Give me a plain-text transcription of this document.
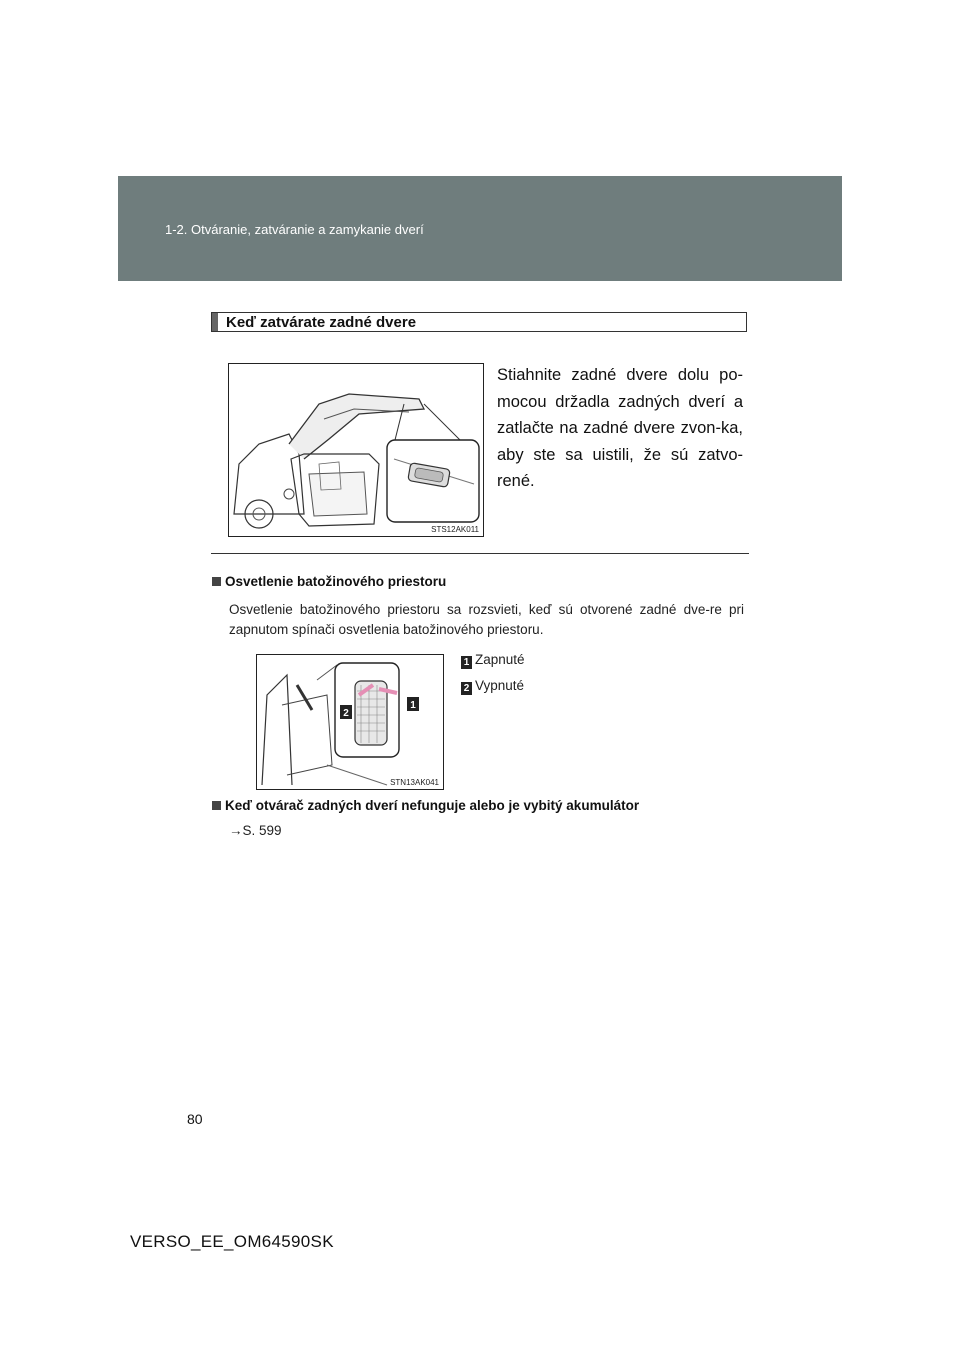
1-2. Otváranie, zatváranie a zamykanie dverí
Keď zatvárate zadné dvere
STS12AK011
Stiahnite zadné dvere dolu po-mocou držadla zadných dverí a zatlačte na zadné dvere zvon-ka, aby ste sa uistili, že sú zatvo-rené.
Osvetlenie batožinového priestoru
Osvetlenie batožinového priestoru sa rozsvieti, keď sú otvorené zadné dve-re pri zapnutom spínači osvetlenia batožinového priestoru.
2
1
STN13AK041
1 Zapnuté
2 Vypnuté
Keď otvárač zadných dverí nefunguje alebo je vybitý akumulátor
→S. 599
80
VERSO_EE_OM64590SK
